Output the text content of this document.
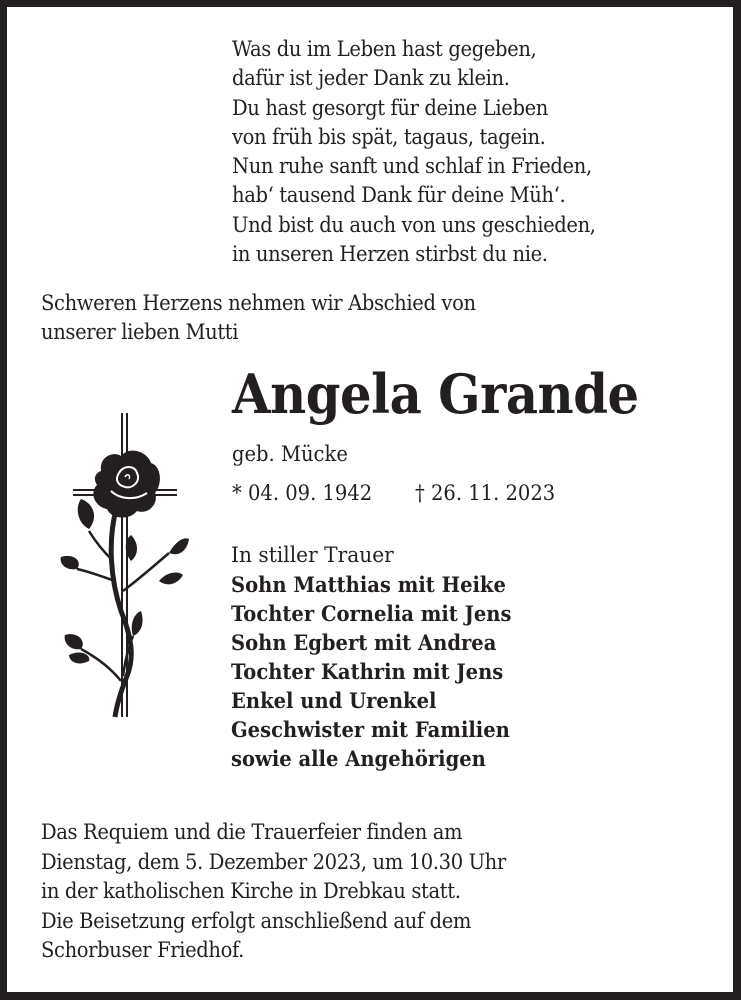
Was du im Leben hast gegeben,
dafür ist jeder Dank zu klein.
Du hast gesorgt für deine Lieben
von früh bis spät, tagaus, tagein.
Nun ruhe sanft und schlaf in Frieden,
hab‘ tausend Dank für deine Müh‘.
Und bist du auch von uns geschieden,
in unseren Herzen stirbst du nie.
Schweren Herzens nehmen wir Abschied von
unserer lieben Mutti
Angela Grande
geb. Mücke
* 04. 09. 1942 † 26. 11. 2023
In stiller Trauer
Sohn Matthias mit Heike
Tochter Cornelia mit Jens
Sohn Egbert mit Andrea
Tochter Kathrin mit Jens
Enkel und Urenkel
Geschwister mit Familien
sowie alle Angehörigen
Das Requiem und die Trauerfeier finden am
Dienstag, dem 5. Dezember 2023, um 10.30 Uhr
in der katholischen Kirche in Drebkau statt.
Die Beisetzung erfolgt anschließend auf dem
Schorbuser Friedhof.
